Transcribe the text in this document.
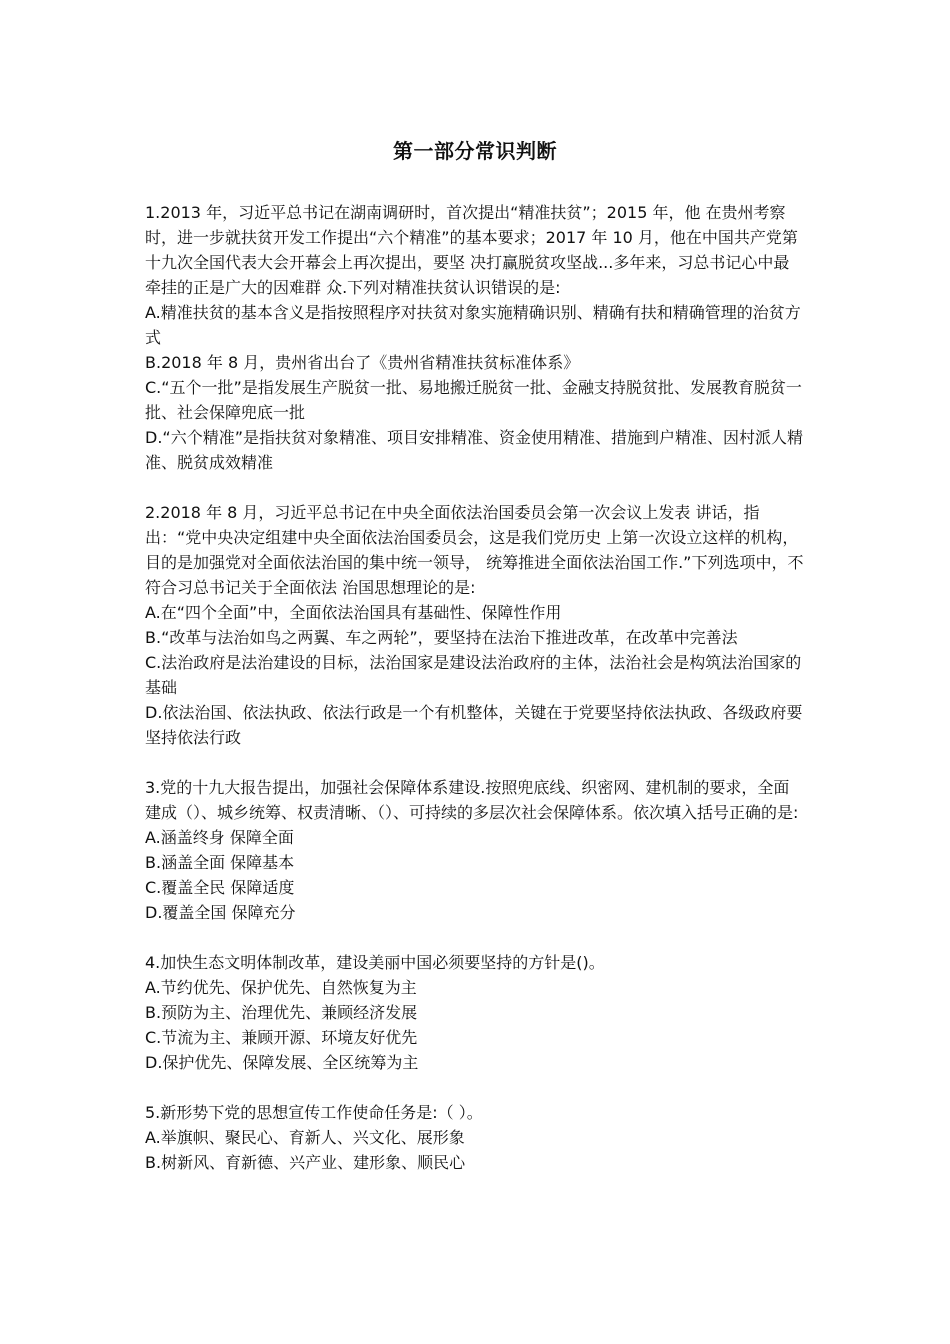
第一部分常识判断

1.2013 年，习近平总书记在湖南调研时，首次提出“精准扶贫”；2015 年，他 在贵州考察时，进一步就扶贫开发工作提出“六个精准”的基本要求；2017 年 10 月，他在中国共产党第十九次全国代表大会开幕会上再次提出，要坚 决打赢脱贫攻坚战...多年来，习总书记心中最牵挂的正是广大的因难群 众.下列对精准扶贫认识错误的是:

A.精准扶贫的基本含义是指按照程序对扶贫对象实施精确识别、精确有扶和精确管理的治贫方式

B.2018 年 8 月，贵州省出台了《贵州省精准扶贫标准体系》

C.“五个一批”是指发展生产脱贫一批、易地搬迁脱贫一批、金融支持脱贫批、发展教育脱贫一批、社会保障兜底一批

D.“六个精准”是指扶贫对象精准、项目安排精准、资金使用精准、措施到户精准、因村派人精准、脱贫成效精准

2.2018 年 8 月，习近平总书记在中央全面依法治国委员会第一次会议上发表 讲话，指出：“党中央决定组建中央全面依法治国委员会，这是我们党历史 上第一次设立这样的机构，目的是加强党对全面依法治国的集中统一领导， 统筹推进全面依法治国工作.”下列选项中，不符合习总书记关于全面依法 治国思想理论的是:

A.在“四个全面”中，全面依法治国具有基础性、保障性作用

B.“改革与法治如鸟之两翼、车之两轮”，要坚持在法治下推进改革，在改革中完善法

C.法治政府是法治建设的目标，法治国家是建设法治政府的主体，法治社会是构筑法治国家的基础

D.依法治国、依法执政、依法行政是一个有机整体，关键在于党要坚持依法执政、各级政府要坚持依法行政

3.党的十九大报告提出，加强社会保障体系建设.按照兜底线、织密网、建机制的要求，全面建成（）、城乡统筹、权责清晰、（）、可持续的多层次社会保障体系。依次填入括号正确的是:

A.涵盖终身 保障全面

B.涵盖全面 保障基本

C.覆盖全民 保障适度

D.覆盖全国 保障充分

4.加快生态文明体制改革，建设美丽中国必须要坚持的方针是()。

A.节约优先、保护优先、自然恢复为主

B.预防为主、治理优先、兼顾经济发展

C.节流为主、兼顾开源、环境友好优先

D.保护优先、保障发展、全区统筹为主

5.新形势下党的思想宣传工作使命任务是:（ ）。

A.举旗帜、聚民心、育新人、兴文化、展形象

B.树新风、育新德、兴产业、建形象、顺民心
